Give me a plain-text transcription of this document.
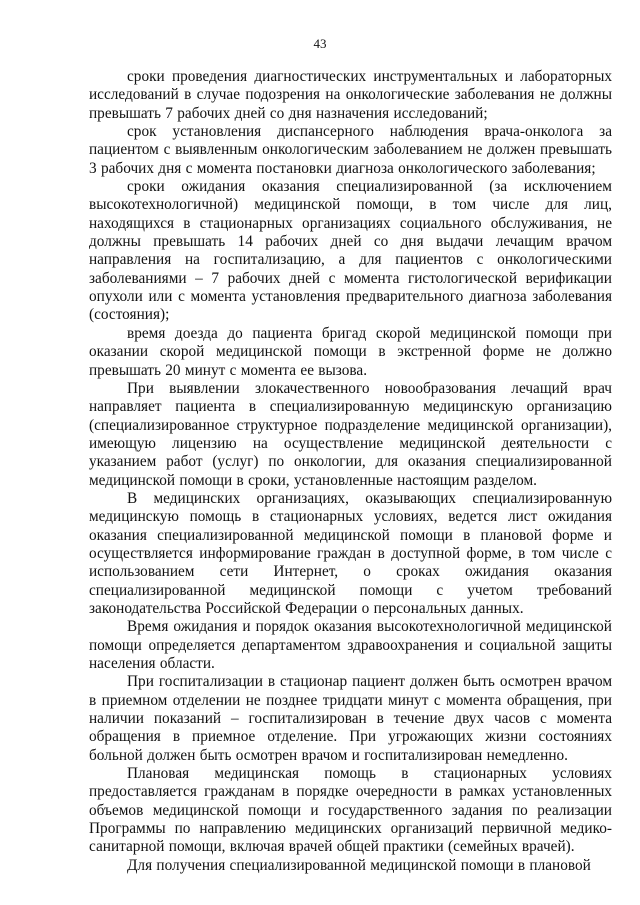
43

сроки проведения диагностических инструментальных и лабораторных исследований в случае подозрения на онкологические заболевания не должны превышать 7 рабочих дней со дня назначения исследований;

срок установления диспансерного наблюдения врача-онколога за пациентом с выявленным онкологическим заболеванием не должен превышать 3 рабочих дня с момента постановки диагноза онкологического заболевания;

сроки ожидания оказания специализированной (за исключением высокотехнологичной) медицинской помощи, в том числе для лиц, находящихся в стационарных организациях социального обслуживания, не должны превышать 14 рабочих дней со дня выдачи лечащим врачом направления на госпитализацию, а для пациентов с онкологическими заболеваниями – 7 рабочих дней с момента гистологической верификации опухоли или с момента установления предварительного диагноза заболевания (состояния);

время доезда до пациента бригад скорой медицинской помощи при оказании скорой медицинской помощи в экстренной форме не должно превышать 20 минут с момента ее вызова.

При выявлении злокачественного новообразования лечащий врач направляет пациента в специализированную медицинскую организацию (специализированное структурное подразделение медицинской организации), имеющую лицензию на осуществление медицинской деятельности с указанием работ (услуг) по онкологии, для оказания специализированной медицинской помощи в сроки, установленные настоящим разделом.

В медицинских организациях, оказывающих специализированную медицинскую помощь в стационарных условиях, ведется лист ожидания оказания специализированной медицинской помощи в плановой форме и осуществляется информирование граждан в доступной форме, в том числе с использованием сети Интернет, о сроках ожидания оказания специализированной медицинской помощи с учетом требований законодательства Российской Федерации о персональных данных.

Время ожидания и порядок оказания высокотехнологичной медицинской помощи определяется департаментом здравоохранения и социальной защиты населения области.

При госпитализации в стационар пациент должен быть осмотрен врачом в приемном отделении не позднее тридцати минут с момента обращения, при наличии показаний – госпитализирован в течение двух часов с момента обращения в приемное отделение. При угрожающих жизни состояниях больной должен быть осмотрен врачом и госпитализирован немедленно.

Плановая медицинская помощь в стационарных условиях предоставляется гражданам в порядке очередности в рамках установленных объемов медицинской помощи и государственного задания по реализации Программы по направлению медицинских организаций первичной медико-санитарной помощи, включая врачей общей практики (семейных врачей).

Для получения специализированной медицинской помощи в плановой
